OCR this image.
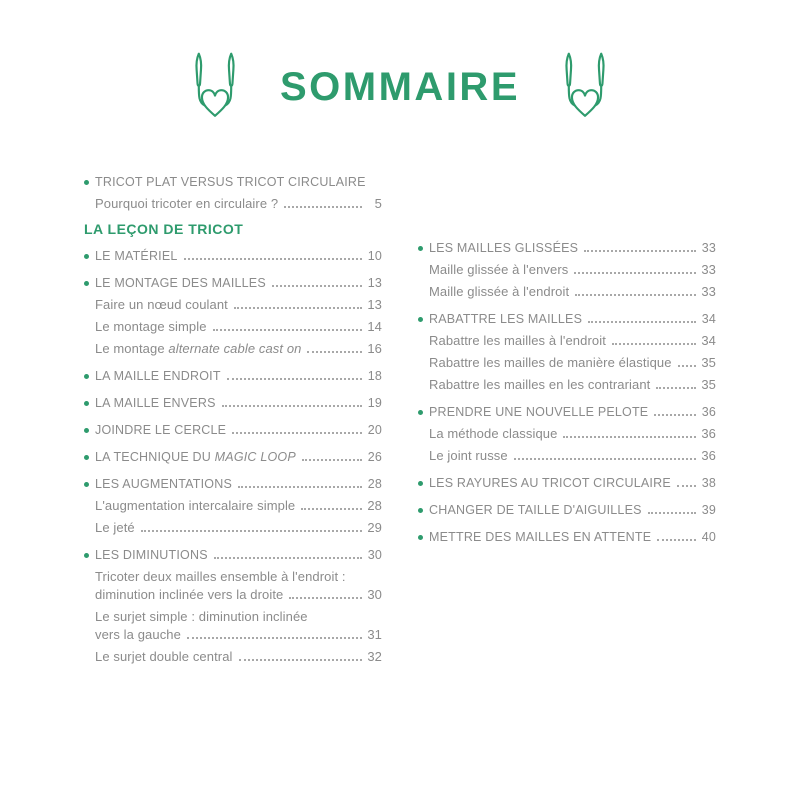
SOMMAIRE
TRICOT PLAT VERSUS TRICOT CIRCULAIRE
Pourquoi tricoter en circulaire ?	5
LA LEÇON DE TRICOT
LE MATÉRIEL	10
LE MONTAGE DES MAILLES	13
Faire un nœud coulant	13
Le montage simple	14
Le montage alternate cable cast on	16
LA MAILLE ENDROIT	18
LA MAILLE ENVERS	19
JOINDRE LE CERCLE	20
LA TECHNIQUE DU MAGIC LOOP	26
LES AUGMENTATIONS	28
L'augmentation intercalaire simple	28
Le jeté	29
LES DIMINUTIONS	30
Tricoter deux mailles ensemble à l'endroit :
diminution inclinée vers la droite	30
Le surjet simple : diminution inclinée
vers la gauche	31
Le surjet double central	32
LES MAILLES GLISSÉES	33
Maille glissée à l'envers	33
Maille glissée à l'endroit	33
RABATTRE LES MAILLES	34
Rabattre les mailles à l'endroit	34
Rabattre les mailles de manière élastique 35
Rabattre les mailles en les contrariant	35
PRENDRE UNE NOUVELLE PELOTE	36
La méthode classique	36
Le joint russe	36
LES RAYURES AU TRICOT CIRCULAIRE 38
CHANGER DE TAILLE D'AIGUILLES	39
METTRE DES MAILLES EN ATTENTE	40
